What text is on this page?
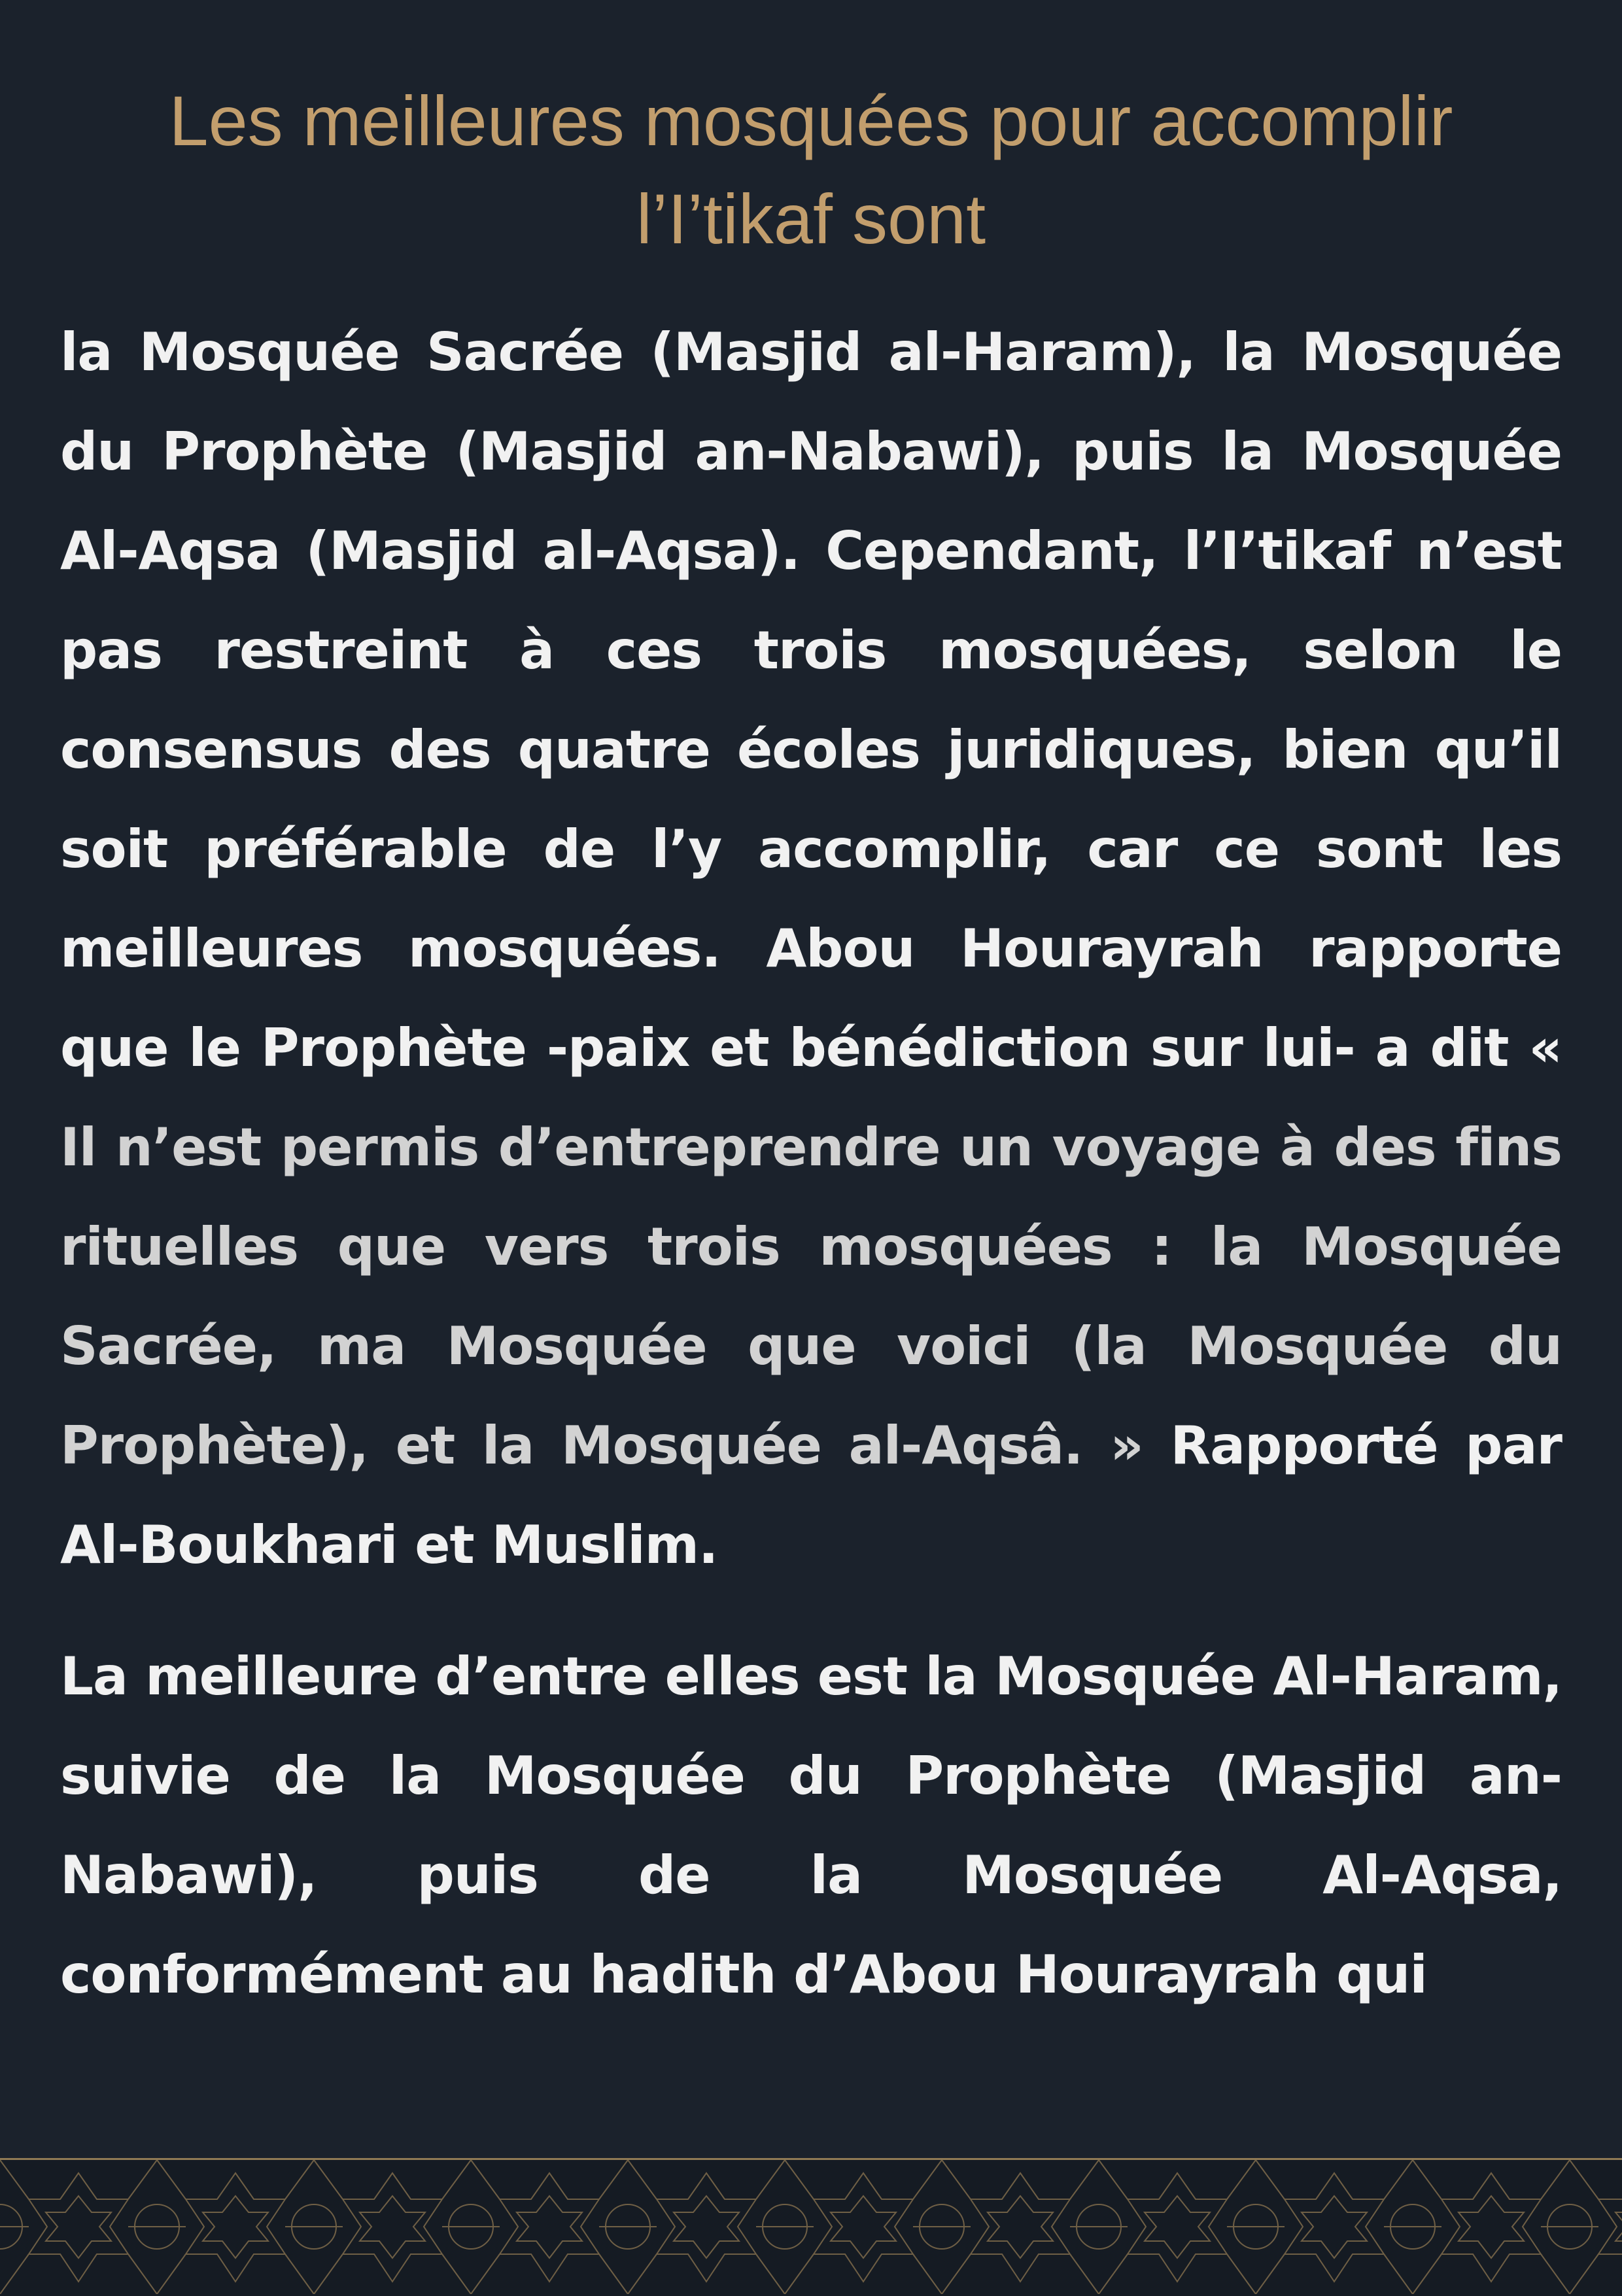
Les meilleures mosquées pour accomplir
l’I’tikaf sont

la Mosquée Sacrée (Masjid al-Haram), la Mosquée du Prophète (Masjid an-Nabawi), puis la Mosquée Al-Aqsa (Masjid al-Aqsa). Cependant, l’I’tikaf n’est pas restreint à ces trois mosquées, selon le consensus des quatre écoles juridiques, bien qu’il soit préférable de l’y accomplir, car ce sont les meilleures mosquées. Abou Hourayrah rapporte que le Prophète -paix et bénédiction sur lui- a dit « Il n’est permis d’entreprendre un voyage à des fins rituelles que vers trois mosquées : la Mosquée Sacrée, ma Mosquée que voici (la Mosquée du Prophète), et la Mosquée al-Aqsâ. » Rapporté par Al-Boukhari et Muslim.

La meilleure d’entre elles est la Mosquée Al-Haram, suivie de la Mosquée du Prophète (Masjid an-Nabawi), puis de la Mosquée Al-Aqsa, conformément au hadith d’Abou Hourayrah qui
